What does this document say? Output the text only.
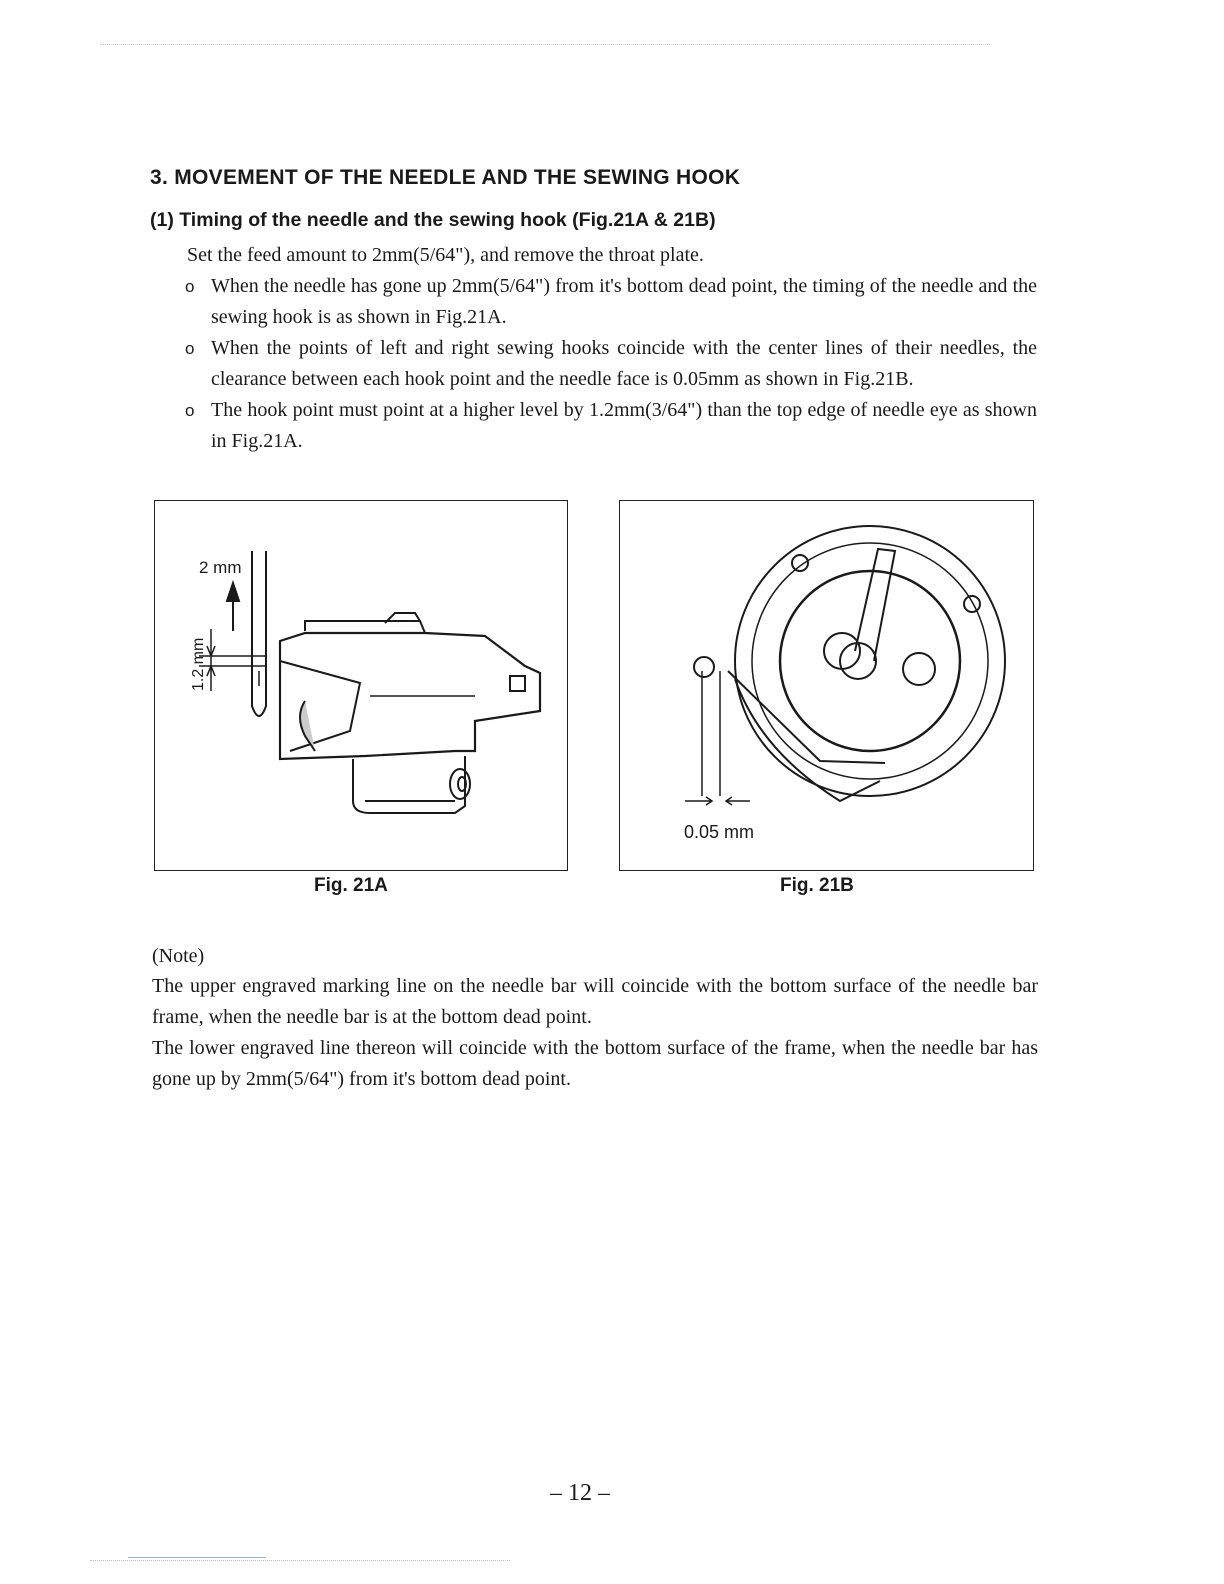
3. MOVEMENT OF THE NEEDLE AND THE SEWING HOOK
(1) Timing of the needle and the sewing hook (Fig.21A & 21B)

Set the feed amount to 2mm(5/64"), and remove the throat plate.

o When the needle has gone up 2mm(5/64") from it's bottom dead point, the timing of the needle and the sewing hook is as shown in Fig.21A.
o When the points of left and right sewing hooks coincide with the center lines of their needles, the clearance between each hook point and the needle face is 0.05mm as shown in Fig.21B.
o The hook point must point at a higher level by 1.2mm(3/64") than the top edge of needle eye as shown in Fig.21A.
2 mm
1.2 mm

Fig. 21A

0.05 mm

Fig. 21B

(Note)

The upper engraved marking line on the needle bar will coincide with the bottom surface of the needle bar frame, when the needle bar is at the bottom dead point.

The lower engraved line thereon will coincide with the bottom surface of the frame, when the needle bar has gone up by 2mm(5/64") from it's bottom dead point.

– 12 –
